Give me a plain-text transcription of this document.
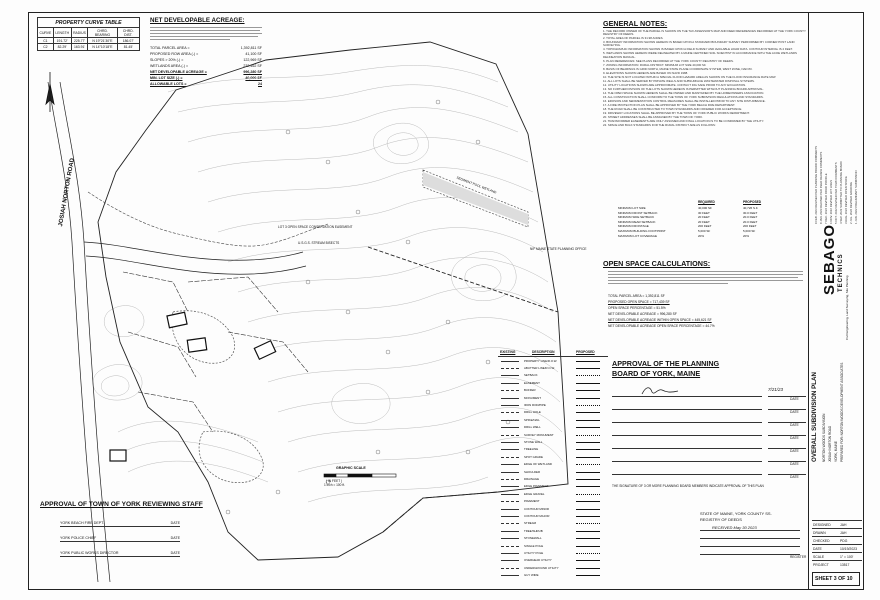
PROPERTY CURVE TABLE
CURVE	LENGTH	RADIUS	CHRD. BEARING	CHRD. DIST.
C1	191.72'	225.77'	N 19°21'30"E	186.07'
C2	82.29'	163.91'	N 14°10'18"E	81.45'
NET DEVELOPABLE ACREAGE:
TOTAL PARCEL AREA =	1,392,811 SF
PROPOSED ROW AREA (-) =	41,100 SF
SLOPES > 20% (-) =	122,969 SF
WETLANDS AREA (-) =	232,462 SF
NET DEVELOPABLE ACREAGE =	996,280 SF
MIN. LOT SIZE (-) =	40,000 SF
ALLOWABLE LOTS =	24
JOSIAH NORTON ROAD	LOT 3 OPEN SPACE CONSERVATION EASEMENT
SEDIMENT POOL WETLAND
N/F MAINE STATE PLANNING OFFICE
U.S.G.S. STREAM BISECTS
GRAPHIC SCALE
( IN FEET )
1 inch = 100 ft.
APPROVAL OF TOWN OF YORK REVIEWING STAFF
YORK BEACH FIRE DEPT.	DATE
YORK POLICE CHIEF	DATE
YORK PUBLIC WORKS DIRECTOR	DATE
GENERAL NOTES:

1. THE RECORD OWNER OF THE PARCEL IS SHOWN ON THE TAX ASSESSOR'S MAP AND DEED REFERENCES RECORDED AT THE YORK COUNTY REGISTRY OF DEEDS.

2. TOTAL AREA OF PARCEL IS 31.98 ACRES.

3. BOUNDARY INFORMATION SHOWN HEREON IS BASED UPON A STANDARD BOUNDARY SURVEY PERFORMED BY CORNER POST LAND SURVEYING.

4. TOPOGRAPHIC INFORMATION SHOWN IS BASED UPON A FIELD SURVEY AND AVAILABLE LIDAR DATA. CONTOUR INTERVAL IS 2 FEET.

5. WETLANDS SHOWN HEREON WERE DELINEATED BY A MAINE CERTIFIED SOIL SCIENTIST IN ACCORDANCE WITH THE ACOE WETLANDS DELINEATION MANUAL.

6. PLAN REFERENCES: SEE PLANS RECORDED AT THE YORK COUNTY REGISTRY OF DEEDS.

7. ZONING INFORMATION: RURAL DISTRICT. MINIMUM LOT SIZE 40,000 SF.

8. BASIS OF BEARINGS IS GRID NORTH, MAINE STATE PLANE COORDINATE SYSTEM, WEST ZONE, NAD 83.

9. ELEVATIONS SHOWN HEREON ARE BASED ON NAVD 1988.

10. THE SITE IS NOT LOCATED WITHIN A SPECIAL FLOOD HAZARD AREA AS SHOWN ON THE FLOOD INSURANCE RATE MAP.

11. ALL LOTS SHALL BE SERVED BY PRIVATE WELLS AND SUBSURFACE WASTEWATER DISPOSAL SYSTEMS.

12. UTILITY LOCATIONS SHOWN ARE APPROXIMATE. CONTACT DIG SAFE PRIOR TO ANY EXCAVATION.

13. NO FURTHER DIVISION OF THE LOTS SHOWN HEREON IS PERMITTED WITHOUT PLANNING BOARD APPROVAL.

14. THE OPEN SPACE SHOWN HEREON SHALL BE OWNED AND MAINTAINED BY THE HOMEOWNERS ASSOCIATION.

15. ALL CONSTRUCTION SHALL CONFORM TO THE TOWN OF YORK SUBDIVISION REGULATIONS AND STANDARDS.

16. EROSION AND SEDIMENTATION CONTROL MEASURES SHALL BE INSTALLED PRIOR TO ANY SITE DISTURBANCE.

17. A FIRE PROTECTION PLAN SHALL BE APPROVED BY THE YORK BEACH FIRE DEPARTMENT.

18. THE ROAD SHALL BE CONSTRUCTED TO TOWN STANDARDS AND OFFERED FOR ACCEPTANCE.

19. DRIVEWAY LOCATIONS SHALL BE APPROVED BY THE TOWN OF YORK PUBLIC WORKS DEPARTMENT.

20. STREET ADDRESSES SHALL BE ASSIGNED BY THE TOWN OF YORK.

21. TRANSFORMER EASEMENTS ARE ONLY ASSUMED AND FINAL LOCATION IS TO BE CONFIRMED BY THE UTILITY.

22. SPACE AND BULK STANDARDS FOR THE RURAL DISTRICT ARE AS FOLLOWS:

REQUIRED	PROPOSED
MINIMUM LOT SIZE	40,000 SF	40,726 S.F.
MINIMUM FRONT SETBACK	30 FEET	30.0 FEET
MINIMUM SIDE SETBACK	20 FEET	20.0 FEET
MINIMUM REAR SETBACK	20 FEET	20.0 FEET
MINIMUM FRONTAGE	200 FEET	200 FEET
MAXIMUM BUILDING FOOTPRINT	5,000 SF	5,000 SF
MAXIMUM LOT COVERAGE	20%	20%
OPEN SPACE CALCULATIONS:
TOTAL PARCEL AREA = 1,392,811 SF
PROPOSED OPEN SPACE = 717,439 SF
OPEN SPACE PERCENTAGE = 51.5%
NET DEVELOPABLE ACREAGE = 996,280 SF
NET DEVELOPABLE ACREAGE WITHIN OPEN SPACE = 445,621 SF
NET DEVELOPABLE ACREAGE OPEN SPACE PERCENTAGE = 44.7%
EXISTING	DESCRIPTION	PROPOSED
PROPERTY LINE/R.O.W.
ABUTTER LINE/R.O.W.
SETBACK
EASEMENT
BUFFER
MONUMENT
IRON ROD/PIPE
DRILL HOLE
SPIKE/NAIL
DRILL WELL
SURVEY MONUMENT
STONE WALL
TREELINE
SPOT GRADE
EDGE OF WETLAND
SHOULDER
DRAINAGE
EDGE PAVEMENT
EDGE GRAVEL
PAVEMENT
CONTOUR MINOR
CONTOUR MAJOR
STREAM
TREE/SHRUB
STONEWALL
SINGLE POLE
UTILITY POLE
OVERHEAD UTILITY
UNDERGROUND UTILITY
GUY WIRE
APPROVAL OF THE PLANNING
BOARD OF YORK, MAINE
DATE
DATE
DATE
DATE
DATE
DATE
DATE
7/21/23
THE SIGNATURE OF 3 OR MORE PLANNING BOARD MEMBERS INDICATE APPROVAL OF THIS PLAN
STATE OF MAINE, YORK COUNTY SS.
REGISTRY OF DEEDS
RECEIVED May 30 2023
REGISTER
9 FEB. 2023 REVISED PER PLANNING BOARD COMMENTS 8 JAN. 2023 REVISED PER PEER REVIEW COMMENTS 7 DEC. 2022 REVISED ROAD PROFILE 6 NOV. 2022 REVISED LOT LINES 5 OCT. 2022 REVISED PER TOWN COMMENTS 4 SEP. 2022 SUBMITTED TO PLANNING BOARD 3 AUG. 2022 REVISED OPEN SPACE 2 JUL. 2022 REVISED GRADING 1 JUN. 2022 PRELIMINARY SUBMISSION
SEBAGO TECHNICS
Civil Engineering, Land Surveying, Site Planning
OVERALL SUBDIVISION PLAN NORTON WOODS SUBDIVISION JOSIAH NORTON ROAD YORK, MAINE PREPARED FOR: NORTON WOODS DEVELOPMENT ASSOCIATES
DESIGNED	JAH
DRAWN	JAH
CHECKED	PDG
DATE	10/19/2023
SCALE	1" = 100'
PROJECT	13517
SHEET 3 OF 10
